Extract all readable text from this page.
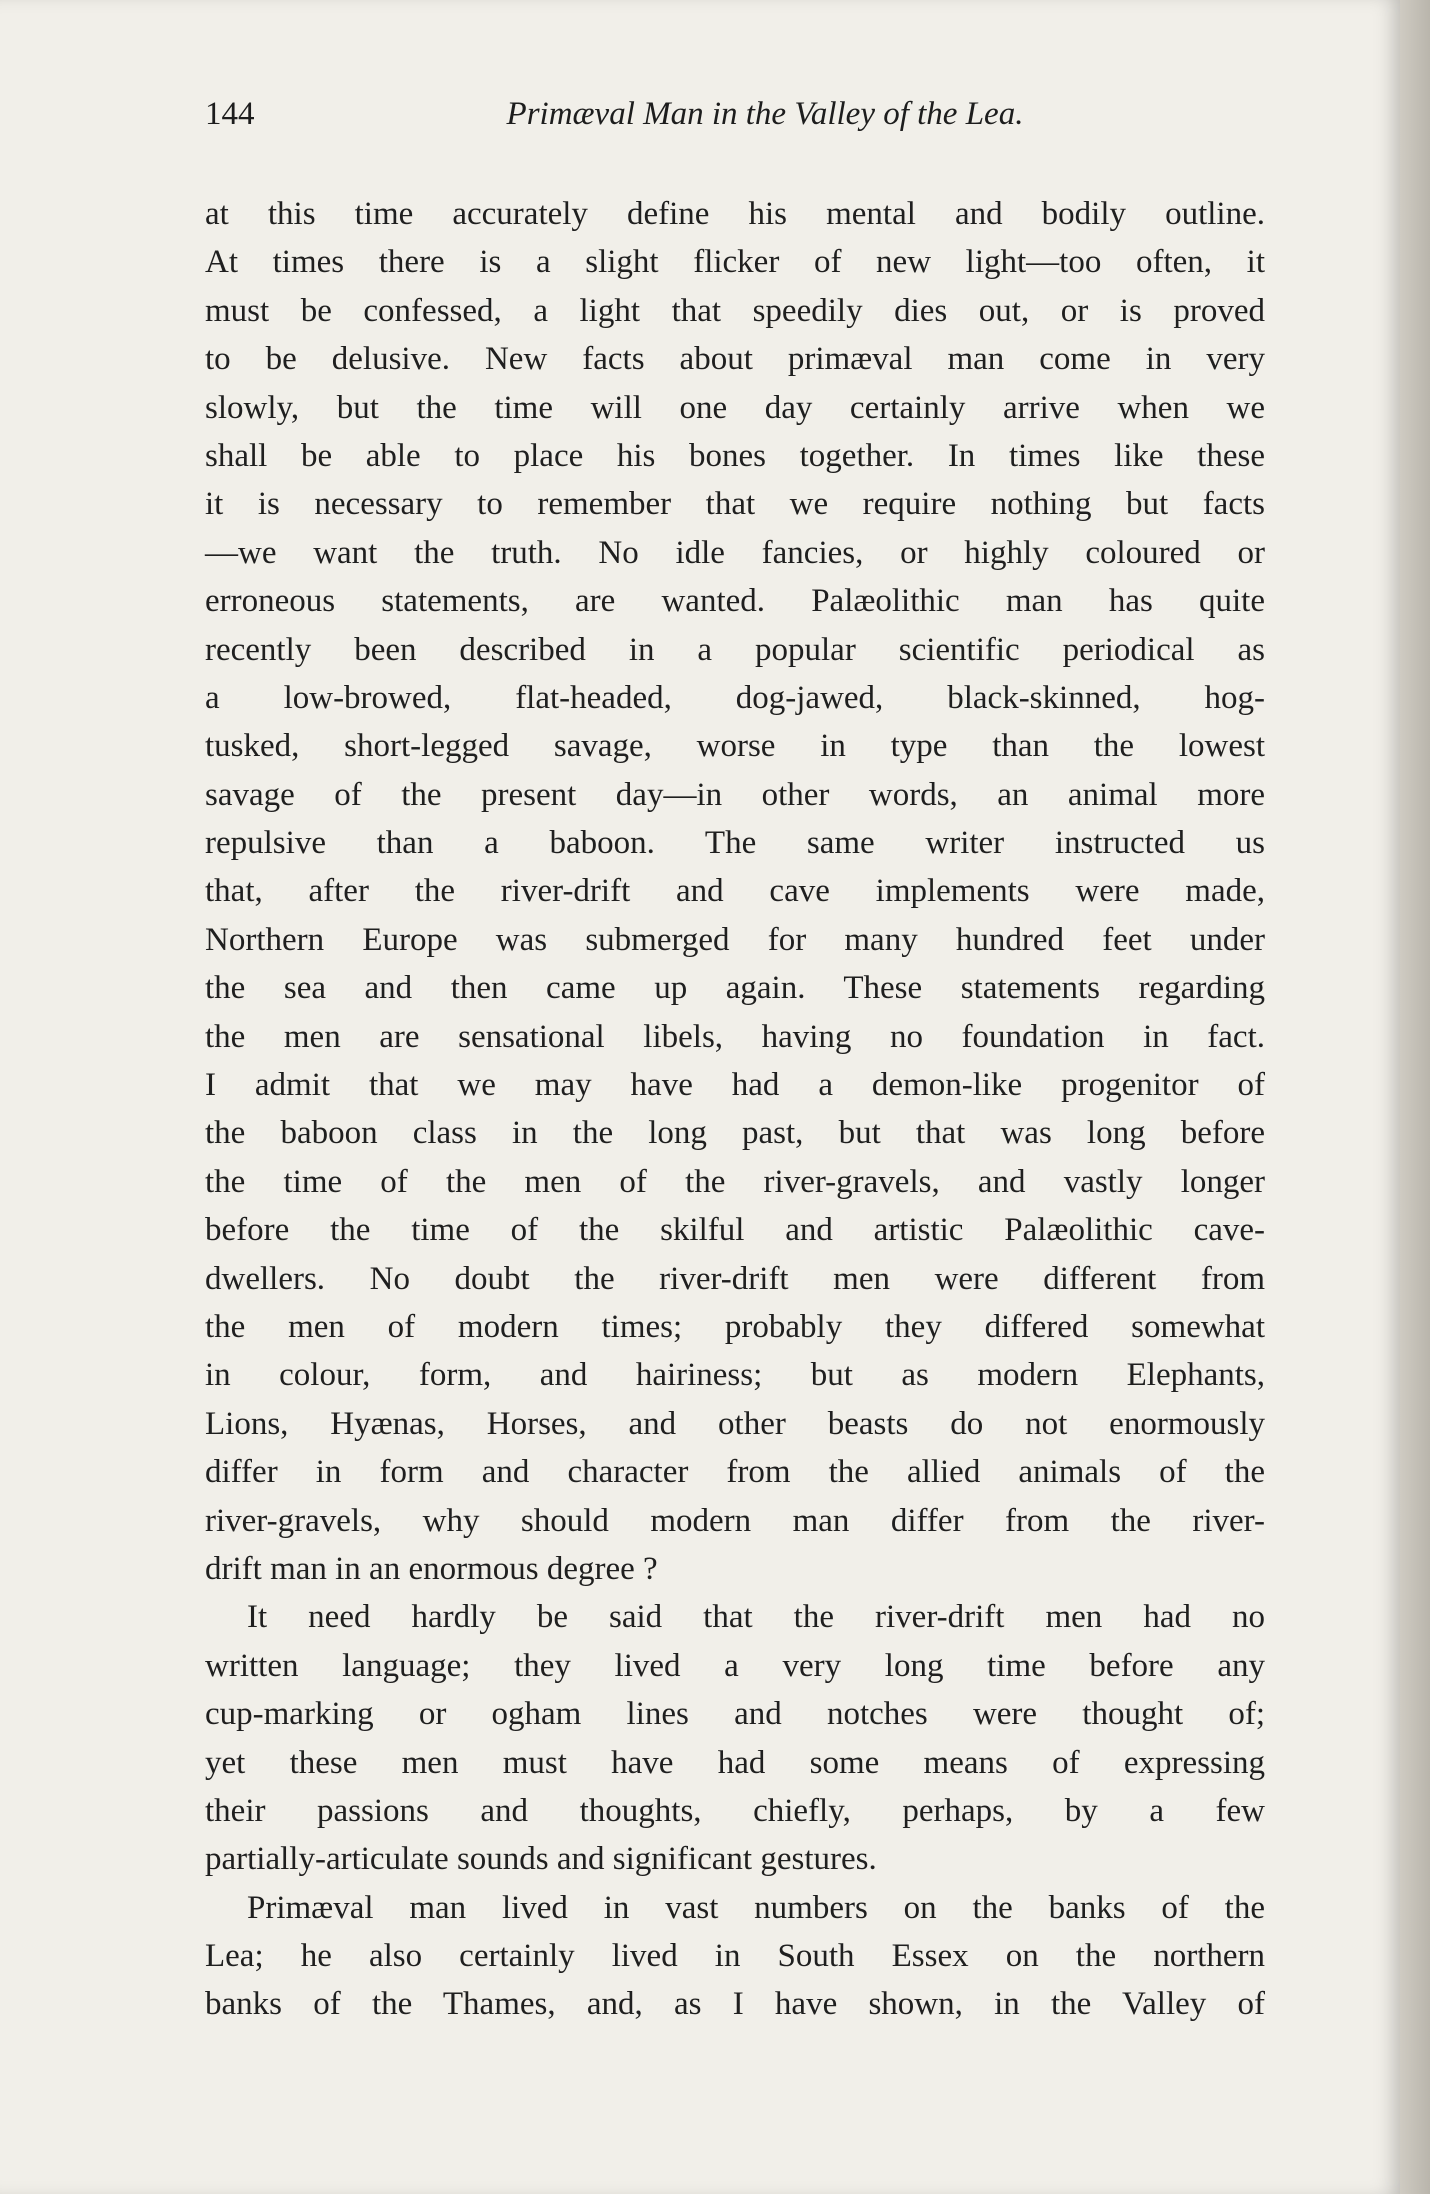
144	Primæval Man in the Valley of the Lea.
at this time accurately define his mental and bodily outline.
At times there is a slight flicker of new light—too often, it
must be confessed, a light that speedily dies out, or is proved
to be delusive. New facts about primæval man come in very
slowly, but the time will one day certainly arrive when we
shall be able to place his bones together. In times like these
it is necessary to remember that we require nothing but facts
—we want the truth. No idle fancies, or highly coloured or
erroneous statements, are wanted. Palæolithic man has quite
recently been described in a popular scientific periodical as
a low-browed, flat-headed, dog-jawed, black-skinned, hog-
tusked, short-legged savage, worse in type than the lowest
savage of the present day—in other words, an animal more
repulsive than a baboon. The same writer instructed us
that, after the river-drift and cave implements were made,
Northern Europe was submerged for many hundred feet under
the sea and then came up again. These statements regarding
the men are sensational libels, having no foundation in fact.
I admit that we may have had a demon-like progenitor of
the baboon class in the long past, but that was long before
the time of the men of the river-gravels, and vastly longer
before the time of the skilful and artistic Palæolithic cave-
dwellers. No doubt the river-drift men were different from
the men of modern times; probably they differed somewhat
in colour, form, and hairiness; but as modern Elephants,
Lions, Hyænas, Horses, and other beasts do not enormously
differ in form and character from the allied animals of the
river-gravels, why should modern man differ from the river-
drift man in an enormous degree ?
It need hardly be said that the river-drift men had no
written language; they lived a very long time before any
cup-marking or ogham lines and notches were thought of;
yet these men must have had some means of expressing
their passions and thoughts, chiefly, perhaps, by a few
partially-articulate sounds and significant gestures.
Primæval man lived in vast numbers on the banks of the
Lea; he also certainly lived in South Essex on the northern
banks of the Thames, and, as I have shown, in the Valley of
